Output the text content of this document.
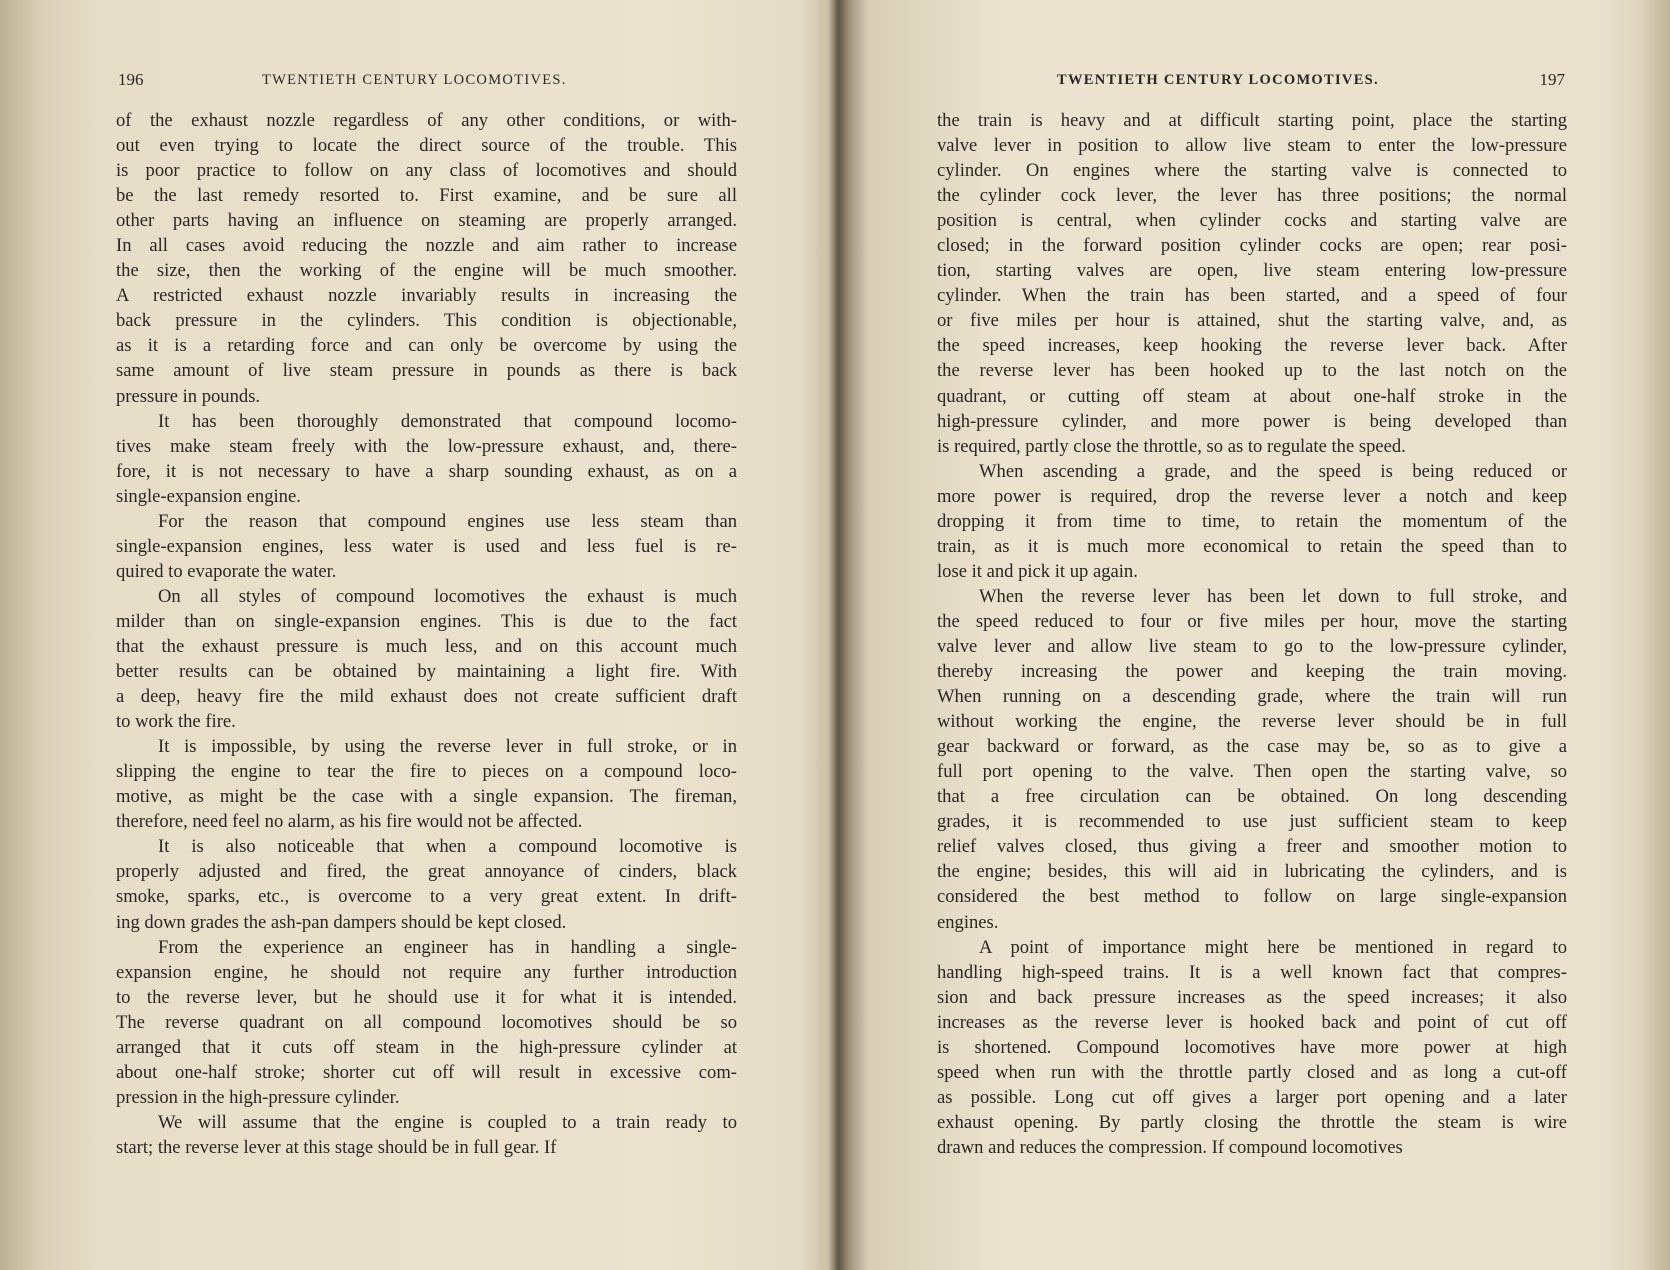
196	TWENTIETH CENTURY LOCOMOTIVES.
of the exhaust nozzle regardless of any other conditions, or with-
out even trying to locate the direct source of the trouble. This
is poor practice to follow on any class of locomotives and should
be the last remedy resorted to. First examine, and be sure all
other parts having an influence on steaming are properly arranged.
In all cases avoid reducing the nozzle and aim rather to increase
the size, then the working of the engine will be much smoother.
A restricted exhaust nozzle invariably results in increasing the
back pressure in the cylinders. This condition is objectionable,
as it is a retarding force and can only be overcome by using the
same amount of live steam pressure in pounds as there is back
pressure in pounds.
It has been thoroughly demonstrated that compound locomo-
tives make steam freely with the low-pressure exhaust, and, there-
fore, it is not necessary to have a sharp sounding exhaust, as on a
single-expansion engine.
For the reason that compound engines use less steam than
single-expansion engines, less water is used and less fuel is re-
quired to evaporate the water.
On all styles of compound locomotives the exhaust is much
milder than on single-expansion engines. This is due to the fact
that the exhaust pressure is much less, and on this account much
better results can be obtained by maintaining a light fire. With
a deep, heavy fire the mild exhaust does not create sufficient draft
to work the fire.
It is impossible, by using the reverse lever in full stroke, or in
slipping the engine to tear the fire to pieces on a compound loco-
motive, as might be the case with a single expansion. The fireman,
therefore, need feel no alarm, as his fire would not be affected.
It is also noticeable that when a compound locomotive is
properly adjusted and fired, the great annoyance of cinders, black
smoke, sparks, etc., is overcome to a very great extent. In drift-
ing down grades the ash-pan dampers should be kept closed.
From the experience an engineer has in handling a single-
expansion engine, he should not require any further introduction
to the reverse lever, but he should use it for what it is intended.
The reverse quadrant on all compound locomotives should be so
arranged that it cuts off steam in the high-pressure cylinder at
about one-half stroke; shorter cut off will result in excessive com-
pression in the high-pressure cylinder.
We will assume that the engine is coupled to a train ready to
start; the reverse lever at this stage should be in full gear. If
TWENTIETH CENTURY LOCOMOTIVES.	197
the train is heavy and at difficult starting point, place the starting
valve lever in position to allow live steam to enter the low-pressure
cylinder. On engines where the starting valve is connected to
the cylinder cock lever, the lever has three positions; the normal
position is central, when cylinder cocks and starting valve are
closed; in the forward position cylinder cocks are open; rear posi-
tion, starting valves are open, live steam entering low-pressure
cylinder. When the train has been started, and a speed of four
or five miles per hour is attained, shut the starting valve, and, as
the speed increases, keep hooking the reverse lever back. After
the reverse lever has been hooked up to the last notch on the
quadrant, or cutting off steam at about one-half stroke in the
high-pressure cylinder, and more power is being developed than
is required, partly close the throttle, so as to regulate the speed.
When ascending a grade, and the speed is being reduced or
more power is required, drop the reverse lever a notch and keep
dropping it from time to time, to retain the momentum of the
train, as it is much more economical to retain the speed than to
lose it and pick it up again.
When the reverse lever has been let down to full stroke, and
the speed reduced to four or five miles per hour, move the starting
valve lever and allow live steam to go to the low-pressure cylinder,
thereby increasing the power and keeping the train moving.
When running on a descending grade, where the train will run
without working the engine, the reverse lever should be in full
gear backward or forward, as the case may be, so as to give a
full port opening to the valve. Then open the starting valve, so
that a free circulation can be obtained. On long descending
grades, it is recommended to use just sufficient steam to keep
relief valves closed, thus giving a freer and smoother motion to
the engine; besides, this will aid in lubricating the cylinders, and is
considered the best method to follow on large single-expansion
engines.
A point of importance might here be mentioned in regard to
handling high-speed trains. It is a well known fact that compres-
sion and back pressure increases as the speed increases; it also
increases as the reverse lever is hooked back and point of cut off
is shortened. Compound locomotives have more power at high
speed when run with the throttle partly closed and as long a cut-off
as possible. Long cut off gives a larger port opening and a later
exhaust opening. By partly closing the throttle the steam is wire
drawn and reduces the compression. If compound locomotives
